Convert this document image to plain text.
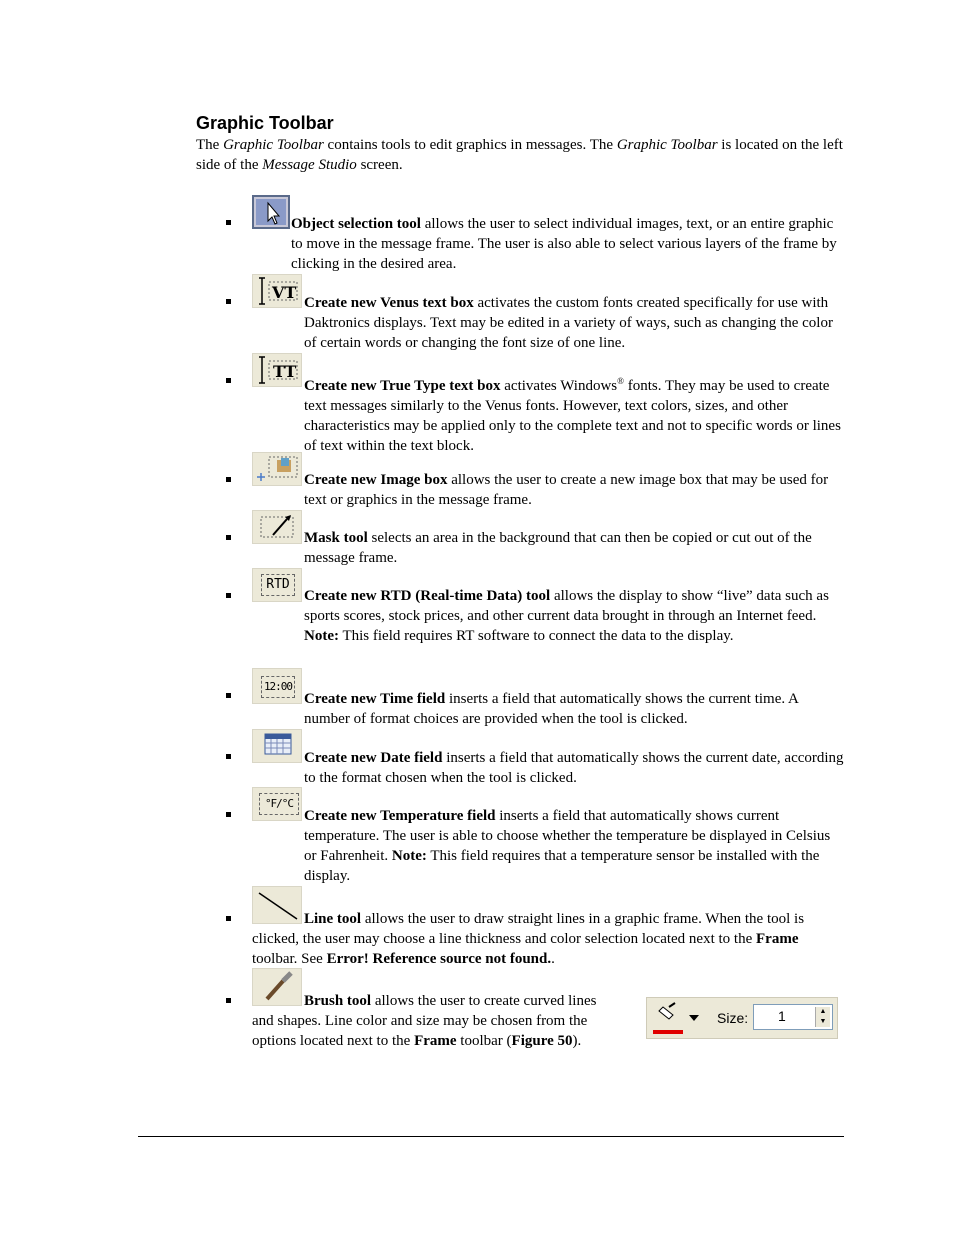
Graphic Toolbar
The Graphic Toolbar contains tools to edit graphics in messages. The Graphic Toolbar is located on the left side of the Message Studio screen.
Object selection tool allows the user to select individual images, text, or an entire graphic to move in the message frame. The user is also able to select various layers of the frame by clicking in the desired area.
VT
Create new Venus text box activates the custom fonts created specifically for use with Daktronics displays. Text may be edited in a variety of ways, such as changing the color of certain words or changing the font size of one line.
TT
Create new True Type text box activates Windows® fonts. They may be used to create text messages similarly to the Venus fonts. However, text colors, sizes, and other characteristics may be applied only to the complete text and not to specific words or lines of text within the text block.
Create new Image box allows the user to create a new image box that may be used for text or graphics in the message frame.
Mask tool selects an area in the background that can then be copied or cut out of the message frame.
RTD
Create new RTD (Real-time Data) tool allows the display to show “live” data such as sports scores, stock prices, and other current data brought in through an Internet feed. Note: This field requires RT software to connect the data to the display.
12:00
Create new Time field inserts a field that automatically shows the current time. A number of format choices are provided when the tool is clicked.
Create new Date field inserts a field that automatically shows the current date, according to the format chosen when the tool is clicked.
°F/°C
Create new Temperature field inserts a field that automatically shows current temperature. The user is able to choose whether the temperature be displayed in Celsius or Fahrenheit. Note: This field requires that a temperature sensor be installed with the display.
Line tool allows the user to draw straight lines in a graphic frame. When the tool is clicked, the user may choose a line thickness and color selection located next to the Frame toolbar. See Error! Reference source not found..
Brush tool allows the user to create curved lines and shapes. Line color and size may be chosen from the options located next to the Frame toolbar (Figure 50).
Size: 1	▲
▼
